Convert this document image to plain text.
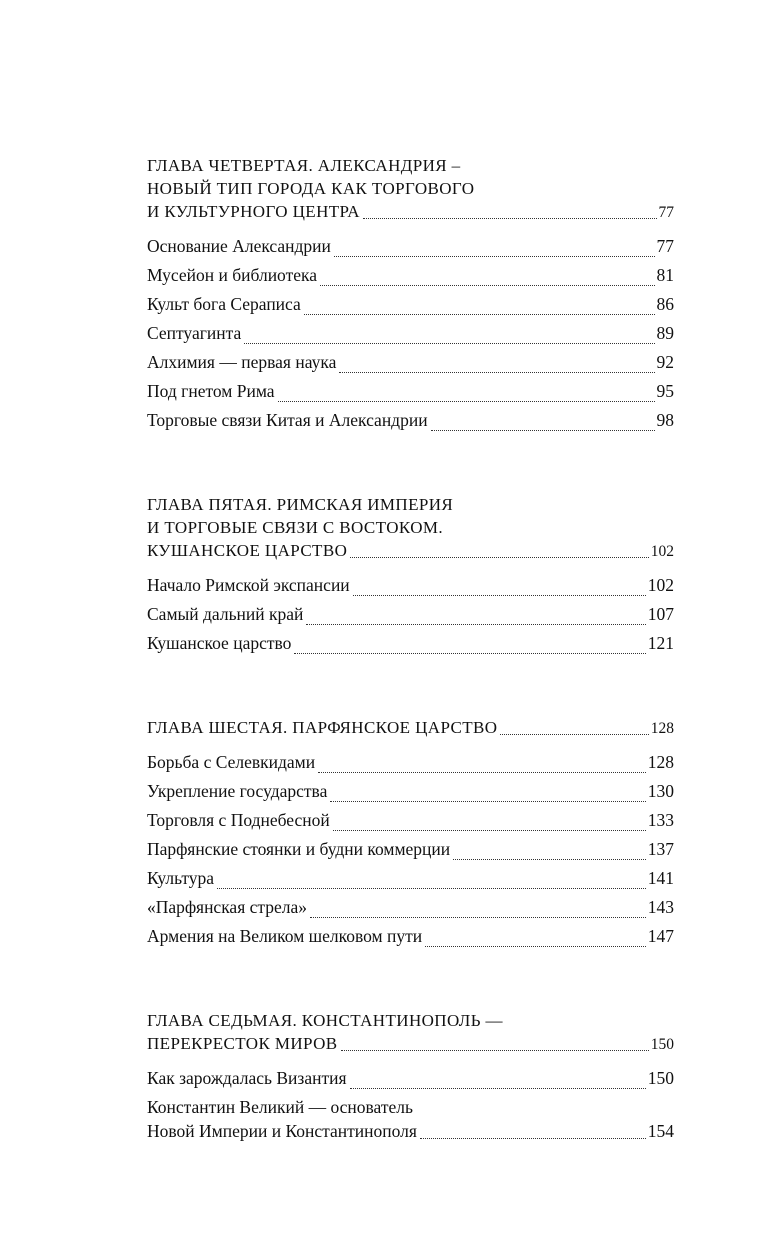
ГЛАВА ЧЕТВЕРТАЯ. АЛЕКСАНДРИЯ –
НОВЫЙ ТИП ГОРОДА КАК ТОРГОВОГО
И КУЛЬТУРНОГО ЦЕНТРА	77
Основание Александрии	77
Мусейон и библиотека	81
Культ бога Сераписа	86
Септуагинта	89
Алхимия — первая наука	92
Под гнетом Рима	95
Торговые связи Китая и Александрии	98
ГЛАВА ПЯТАЯ. РИМСКАЯ ИМПЕРИЯ
И ТОРГОВЫЕ СВЯЗИ С ВОСТОКОМ.
КУШАНСКОЕ ЦАРСТВО	102
Начало Римской экспансии	102
Самый дальний край	107
Кушанское царство	121
ГЛАВА ШЕСТАЯ. ПАРФЯНСКОЕ ЦАРСТВО	128
Борьба с Селевкидами	128
Укрепление государства	130
Торговля с Поднебесной	133
Парфянские стоянки и будни коммерции	137
Культура	141
«Парфянская стрела»	143
Армения на Великом шелковом пути	147
ГЛАВА СЕДЬМАЯ. КОНСТАНТИНОПОЛЬ —
ПЕРЕКРЕСТОК МИРОВ	150
Как зарождалась Византия	150
Константин Великий — основатель
Новой Империи и Константинополя	154
